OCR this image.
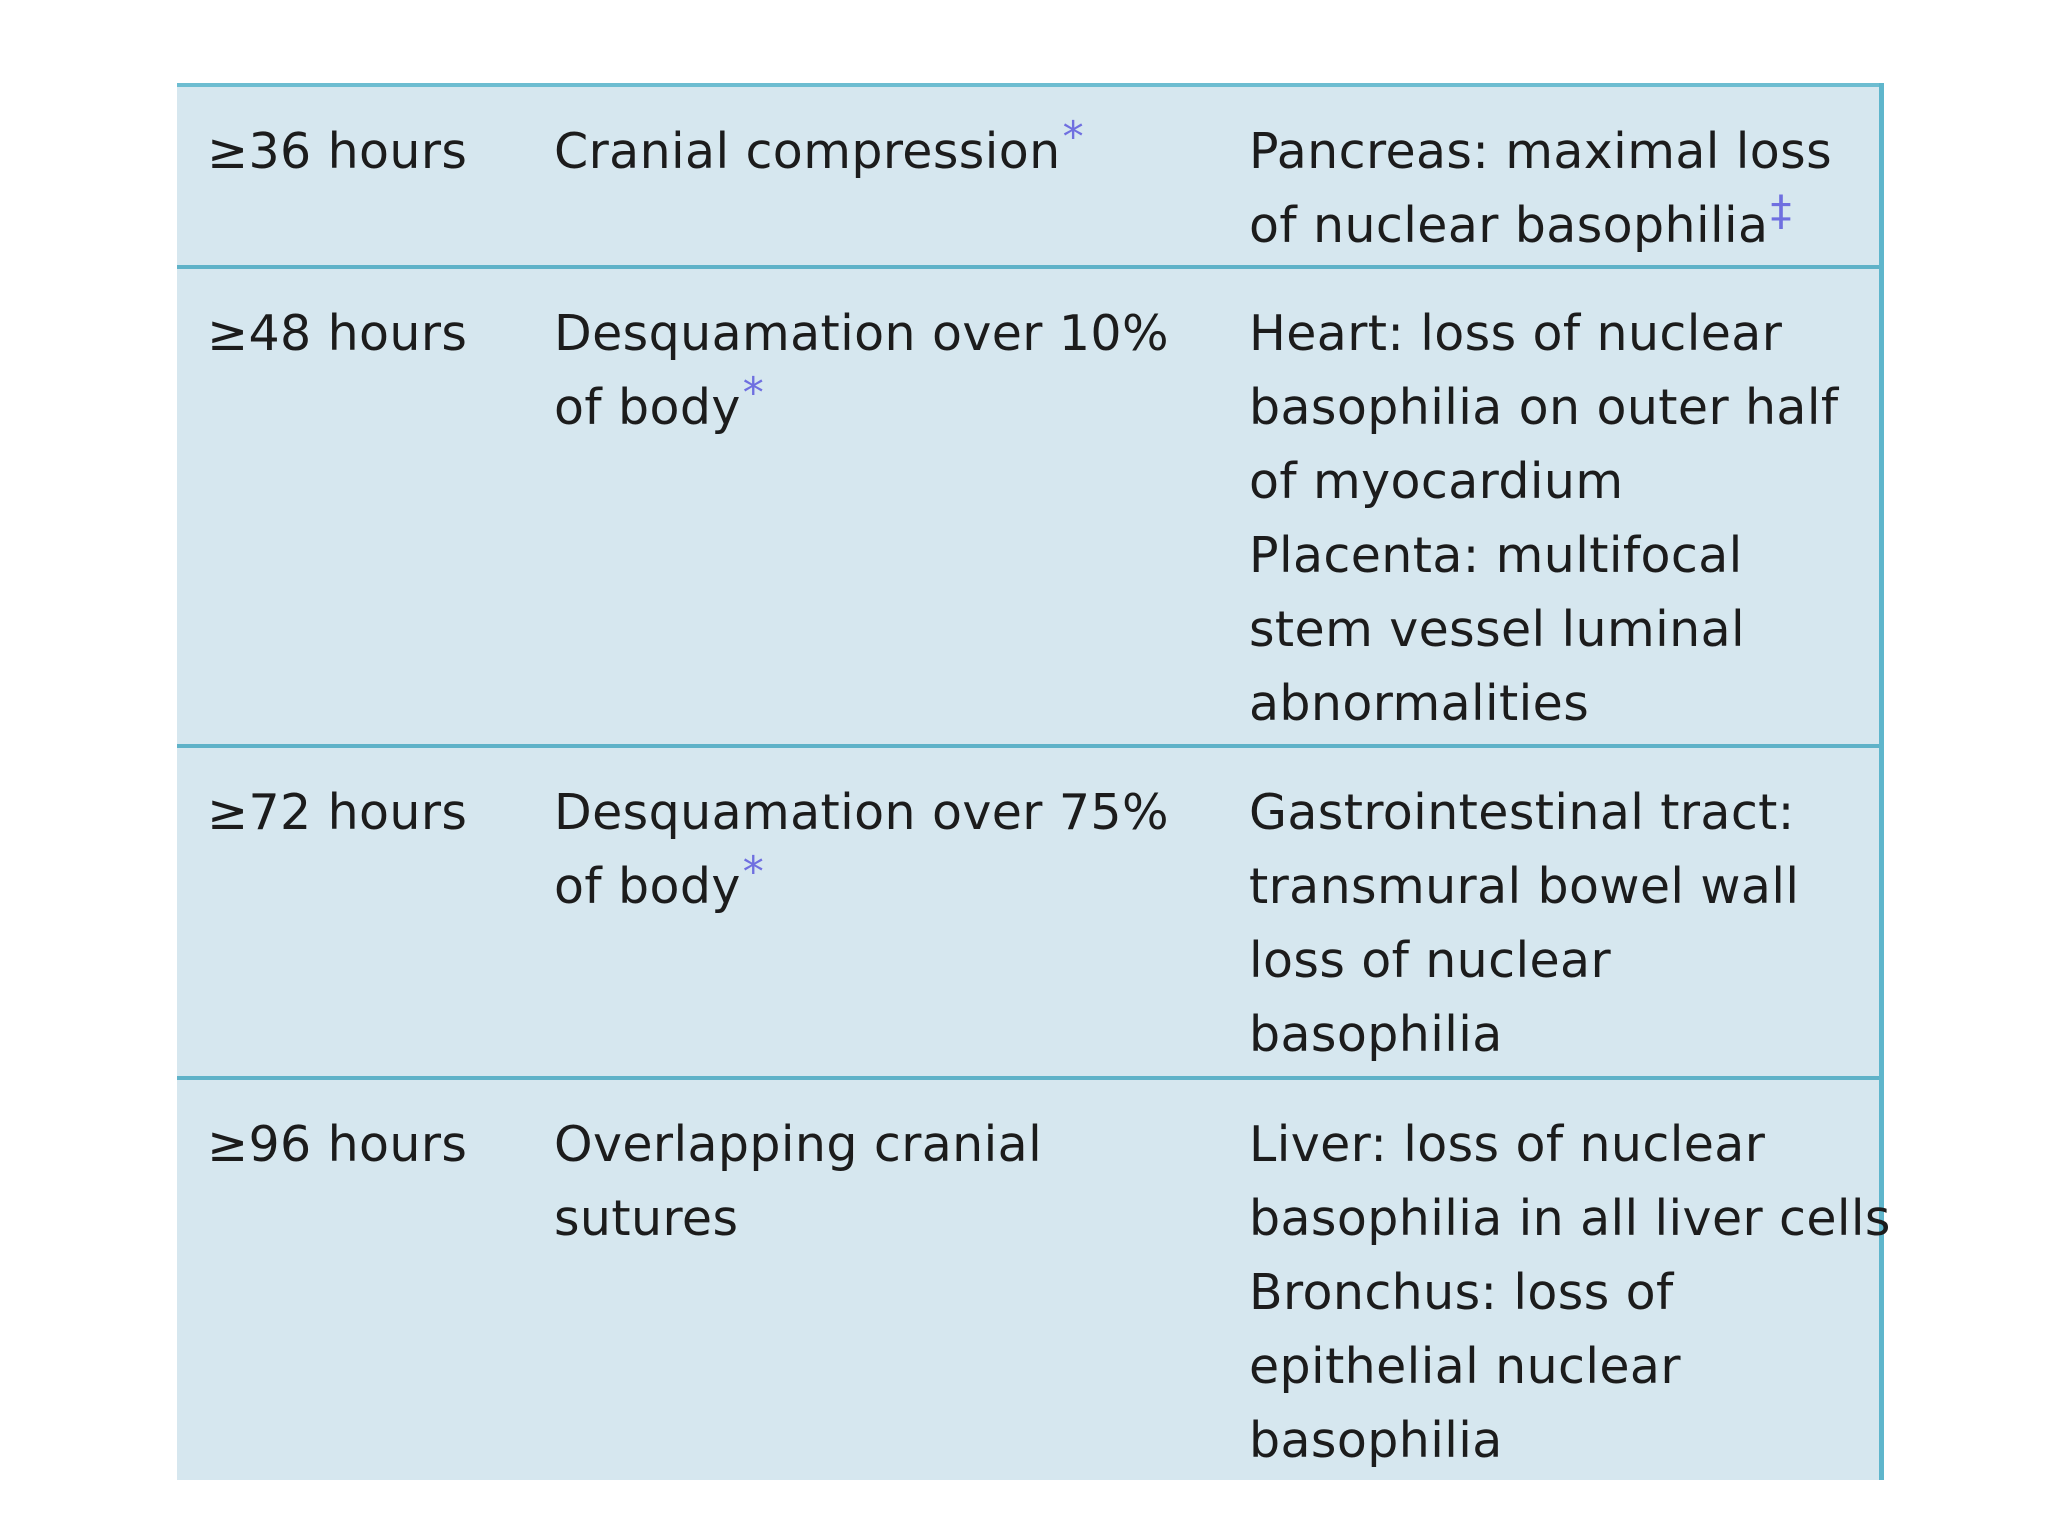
≥36 hours Cranial compression*	Pancreas: maximal loss
of nuclear basophilia‡
≥48 hours Desquamation over 10%
of body*
Heart: loss of nuclear
basophilia on outer half
of myocardium
Placenta: multifocal
stem vessel luminal
abnormalities
≥72 hours Desquamation over 75%
of body*
Gastrointestinal tract:
transmural bowel wall
loss of nuclear
basophilia
≥96 hours Overlapping cranial
sutures
Liver: loss of nuclear
basophilia in all liver cells
Bronchus: loss of
epithelial nuclear
basophilia
